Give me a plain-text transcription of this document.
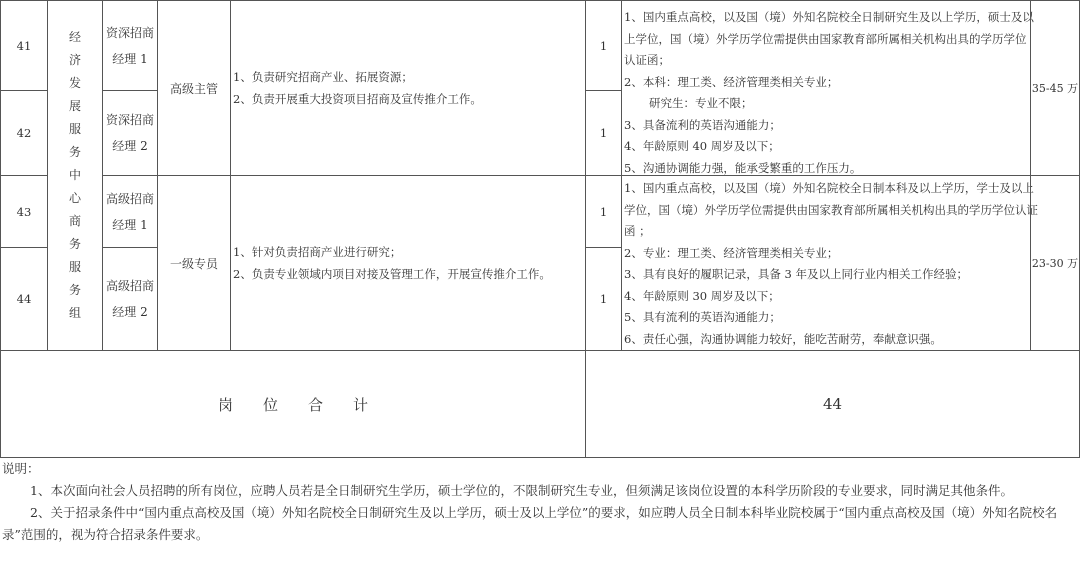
41
42
43
44
经
济
发
展
服
务
中
心
商
务
服
务
组
资深招商
经理 1
资深招商
经理 2
高级招商
经理 1
高级招商
经理 2
高级主管
一级专员
1、负责研究招商产业、拓展资源；
2、负责开展重大投资项目招商及宣传推介工作。
1、针对负责招商产业进行研究；
2、负责专业领域内项目对接及管理工作，开展宣传推介工作。
1
1
1
1
1、国内重点高校，以及国（境）外知名院校全日制研究生及以上学历，硕士及以
上学位，国（境）外学历学位需提供由国家教育部所属相关机构出具的学历学位
认证函；
2、本科：理工类、经济管理类相关专业；
研究生：专业不限；
3、具备流利的英语沟通能力；
4、年龄原则 40 周岁及以下；
5、沟通协调能力强，能承受繁重的工作压力。
1、国内重点高校，以及国（境）外知名院校全日制本科及以上学历，学士及以上
学位，国（境）外学历学位需提供由国家教育部所属相关机构出具的学历学位认证
函 ；
2、专业：理工类、经济管理类相关专业；
3、具有良好的履职记录，具备 3 年及以上同行业内相关工作经验；
4、年龄原则 30 周岁及以下；
5、具有流利的英语沟通能力；
6、责任心强，沟通协调能力较好，能吃苦耐劳，奉献意识强。
35-45 万
23-30 万
岗　　位　　合　　计	44

说明：

1、本次面向社会人员招聘的所有岗位，应聘人员若是全日制研究生学历，硕士学位的，不限制研究生专业，但须满足该岗位设置的本科学历阶段的专业要求，同时满足其他条件。

2、关于招录条件中“国内重点高校及国（境）外知名院校全日制研究生及以上学历，硕士及以上学位”的要求，如应聘人员全日制本科毕业院校属于“国内重点高校及国（境）外知名院校名录”范围的，视为符合招录条件要求。
